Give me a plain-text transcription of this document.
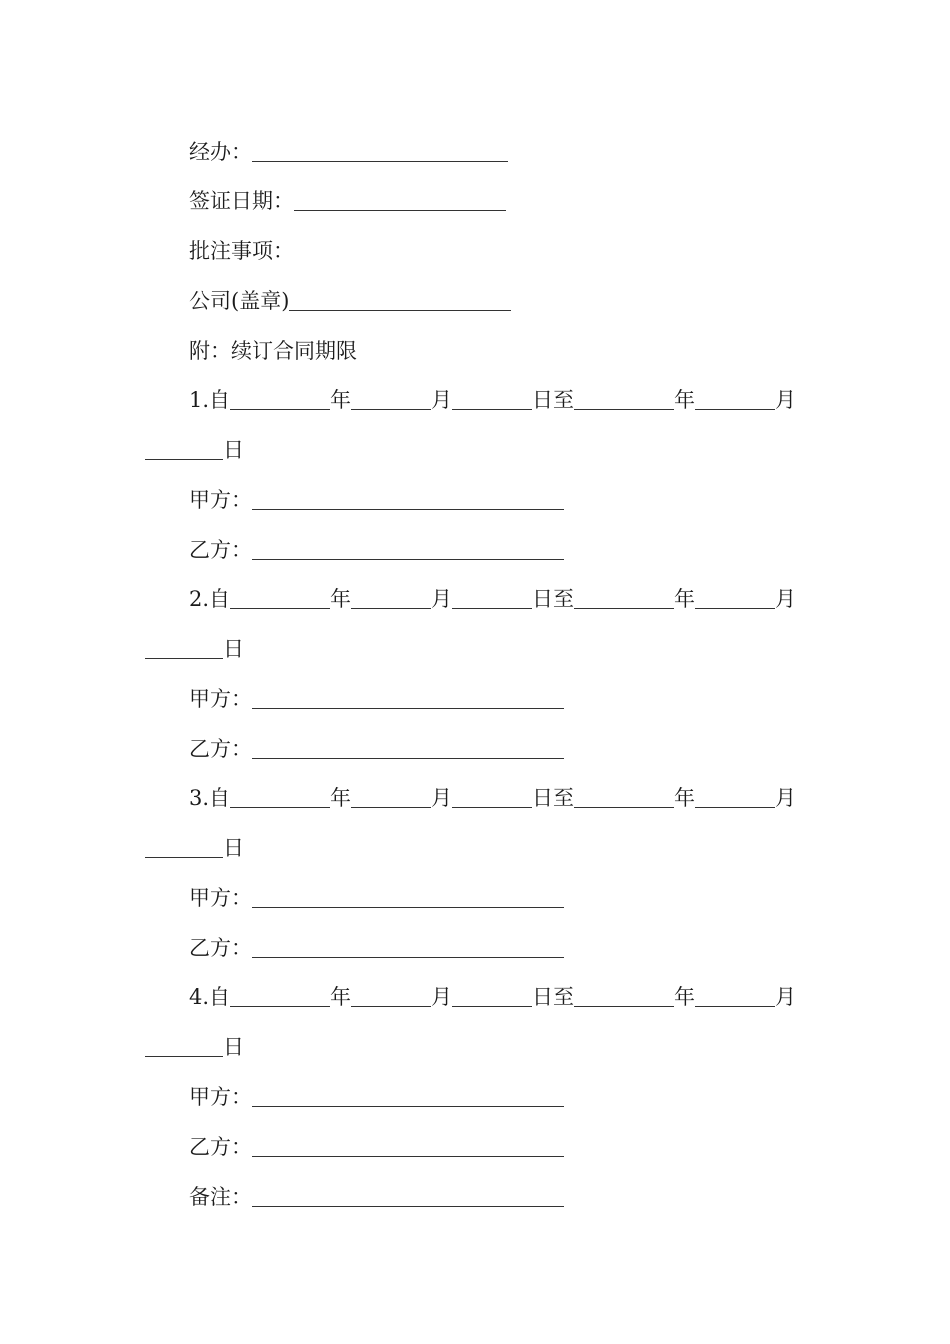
经办：
签证日期：
批注事项：
公司(盖章)
附：续订合同期限
1. 自	年	月	日至	年	月
日
甲方：
乙方：
2. 自	年	月	日至	年	月
日
甲方：
乙方：
3. 自	年	月	日至	年	月
日
甲方：
乙方：
4. 自	年	月	日至	年	月
日
甲方：
乙方：
备注：
